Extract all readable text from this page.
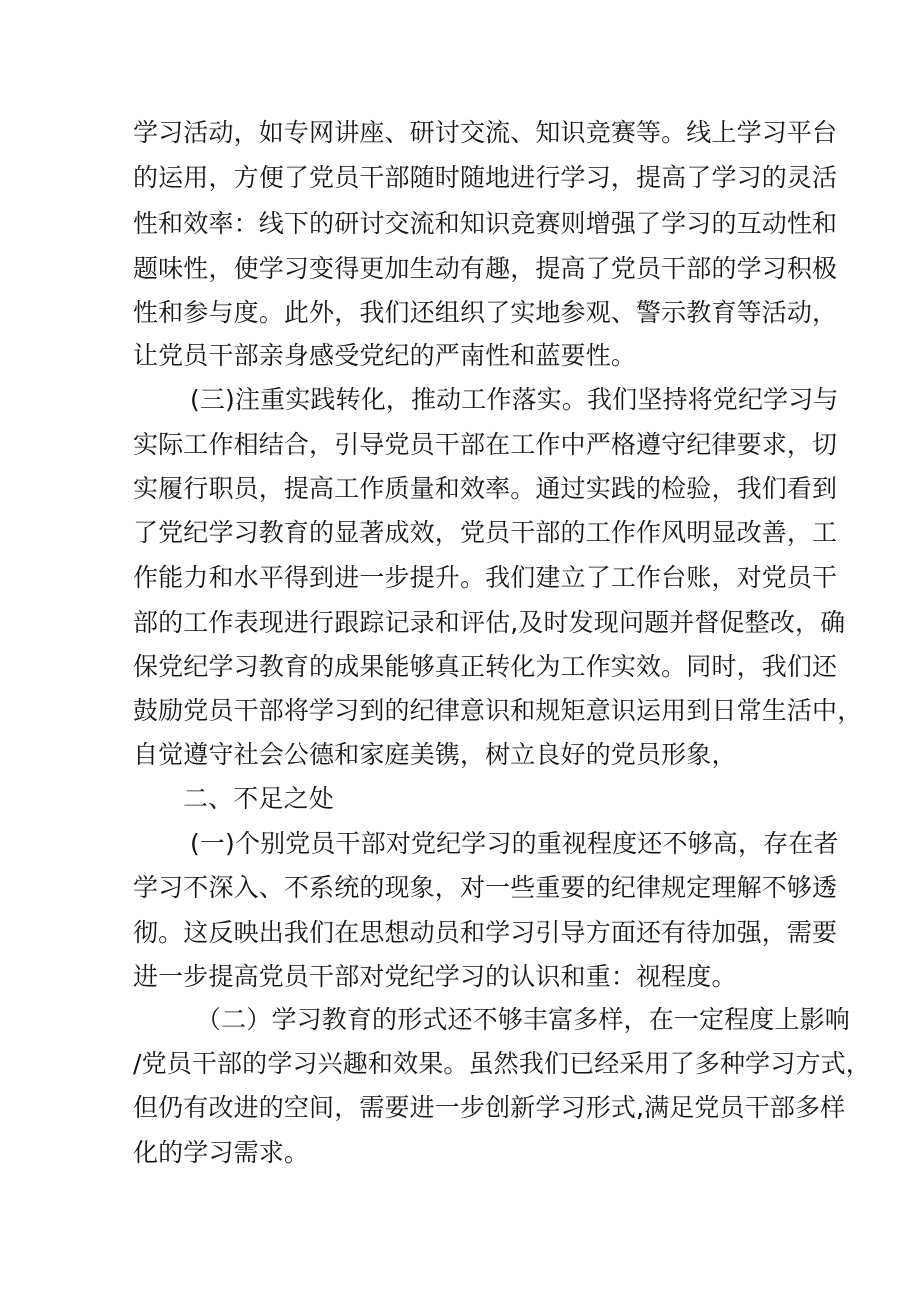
学习活动，如专网讲座、研讨交流、知识竞赛等。线上学习平台
的运用，方便了党员干部随时随地进行学习，提高了学习的灵活
性和效率：线下的研讨交流和知识竞赛则增强了学习的互动性和
题味性，使学习变得更加生动有趣，提高了党员干部的学习积极
性和参与度。此外，我们还组织了实地参观、警示教育等活动，
让党员干部亲身感受党纪的严南性和蓝要性。
(三)注重实践转化，推动工作落实。我们坚持将党纪学习与
实际工作相结合，引导党员干部在工作中严格遵守纪律要求，切
实履行职员，提高工作质量和效率。通过实践的检验，我们看到
了党纪学习教育的显著成效，党员干部的工作作风明显改善，工
作能力和水平得到进一步提升。我们建立了工作台账，对党员干
部的工作表现进行跟踪记录和评估,及时发现问题并督促整改，确
保党纪学习教育的成果能够真正转化为工作实效。同时，我们还
鼓励党员干部将学习到的纪律意识和规矩意识运用到日常生活中，
自觉遵守社会公德和家庭美镌，树立良好的党员形象，
二、不足之处
(一)个别党员干部对党纪学习的重视程度还不够高，存在者
学习不深入、不系统的现象，对一些重要的纪律规定理解不够透
彻。这反映出我们在思想动员和学习引导方面还有待加强，需要
进一步提高党员干部对党纪学习的认识和重：视程度。
（二）学习教育的形式还不够丰富多样，在一定程度上影响
/党员干部的学习兴趣和效果。虽然我们已经采用了多种学习方式，
但仍有改进的空间，需要进一步创新学习形式,满足党员干部多样
化的学习需求。
